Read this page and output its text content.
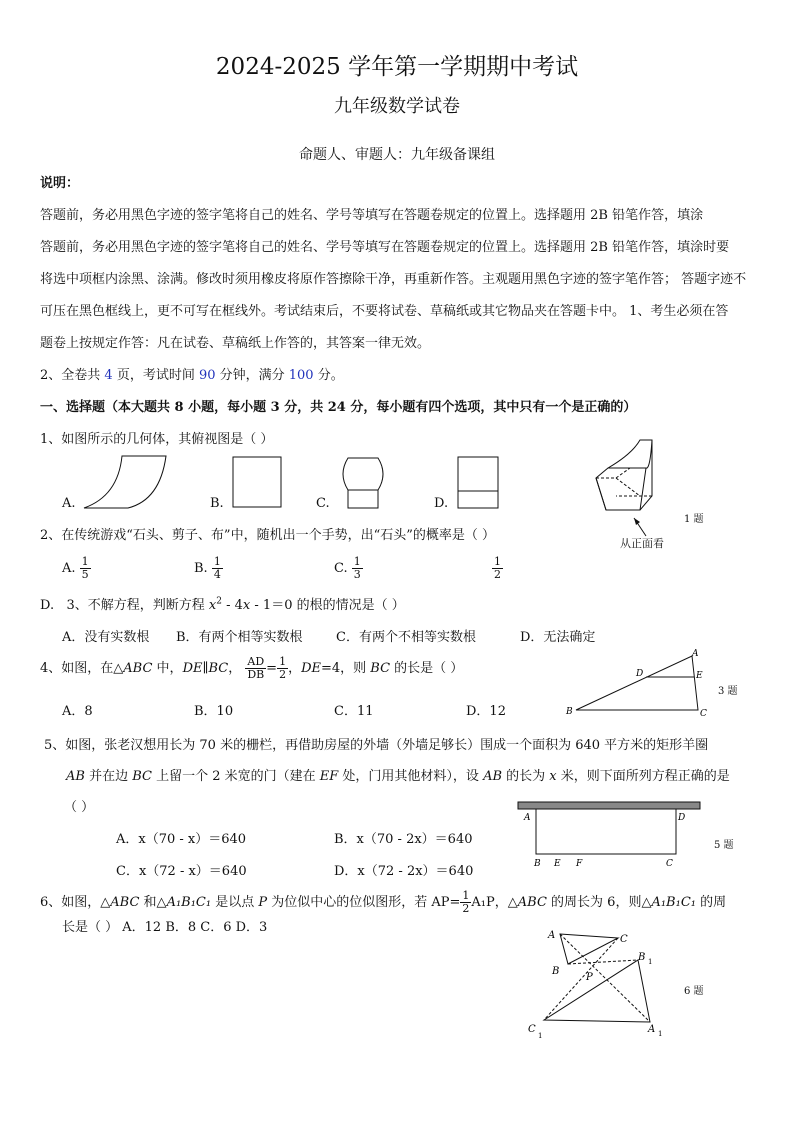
2024-2025 学年第一学期期中考试
九年级数学试卷
命题人、审题人：九年级备课组
说明：
答题前，务必用黑色字迹的签字笔将自己的姓名、学号等填写在答题卷规定的位置上。选择题用 2B 铅笔作答，填涂
答题前，务必用黑色字迹的签字笔将自己的姓名、学号等填写在答题卷规定的位置上。选择题用 2B 铅笔作答，填涂时要
将选中项框内涂黑、涂满。修改时须用橡皮将原作答擦除干净，再重新作答。主观题用黑色字迹的签字笔作答； 答题字迹不
可压在黑色框线上，更不可写在框线外。考试结束后，不要将试卷、草稿纸或其它物品夹在答题卡中。 1、考生必须在答
题卷上按规定作答：凡在试卷、草稿纸上作答的，其答案一律无效。
2、全卷共 4 页，考试时间 90 分钟，满分 100 分。
一、选择题（本大题共 8 小题，每小题 3 分，共 24 分，每小题有四个选项，其中只有一个是正确的）
1、如图所示的几何体，其俯视图是（ ）
A.	B.	C.	D.
1 题
从正面看
2、在传统游戏“石头、剪子、布”中，随机出一个手势，出“石头”的概率是（ ）
A. $\frac{1}{5}$	B. $\frac{1}{4}$	C. $\frac{1}{3}$	$\frac{1}{2}$
D. 3、不解方程，判断方程 $x^2 - 4x - 1=0$ 的根的情况是（ ）
A．没有实数根 B．有两个相等实数根	C．有两个不相等实数根	D．无法确定
4、如图，在△ABC 中，DE∥BC， $\frac{AD}{DB} = \frac{1}{2}$ ，DE=4，则 BC 的长是（ ）
A．8	B．10	C．11	D．12
A
D	E
B	C
3 题
5、如图，张老汉想用长为 70 米的栅栏，再借助房屋的外墙（外墙足够长）围成一个面积为 640 平方米的矩形羊圈
AB 并在边 BC 上留一个 2 米宽的门（建在 EF 处，门用其他材料），设 AB 的长为 x 米，则下面所列方程正确的是
（ ）
A．x（70 - x）＝640	B．x（70 - 2x）＝640
C．x（72 - x）＝640	D．x（72 - 2x）＝640
A	D
B E F	C
5 题
6、如图，△ABC 和△A₁B₁C₁ 是以点 P 为位似中心的位似图形，若 $AP= \frac{1}{2} A_1P$，△ABC 的周长为 6，则△A₁B₁C₁ 的周
长是（ ） A．12 B．8 C．6 D．3
A	C
B
P
B 1
C
1
A 1
6 题
